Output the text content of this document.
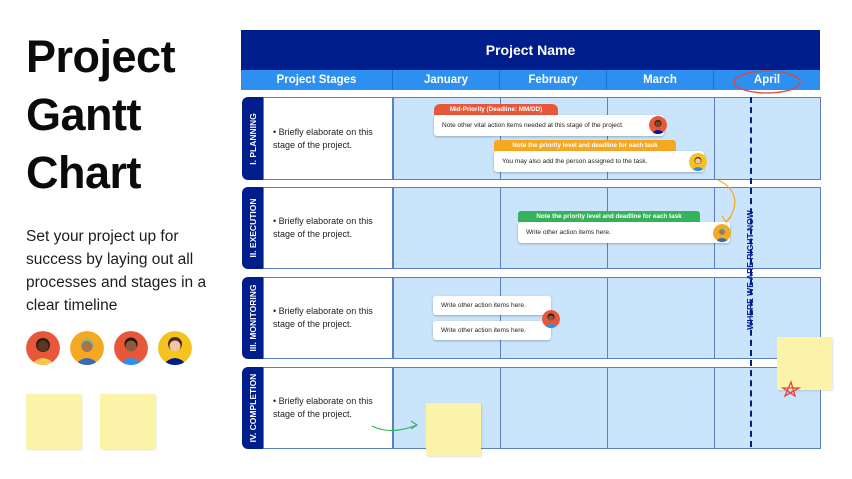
Project
Gantt
Chart
Set your project up for success by laying out all processes and stages in a clear timeline
Project Name
Project Stages	January	February	March	April
I. PLANNING • Briefly elaborate on this stage of the project.
II. EXECUTION • Briefly elaborate on this stage of the project.
III. MONITORING • Briefly elaborate on this stage of the project.
IV. COMPLETION • Briefly elaborate on this stage of the project.
WHERE WE ARE RIGHT NOW
Mid-Priority (Deadline: MM/DD)
Note other vital action items needed at this stage of the project.
Note the priority level and deadline for each task
You may also add the person assigned to the task.
Note the priority level and deadline for each task
Write other action items here.
Write other action items here.
Write other action items here.
